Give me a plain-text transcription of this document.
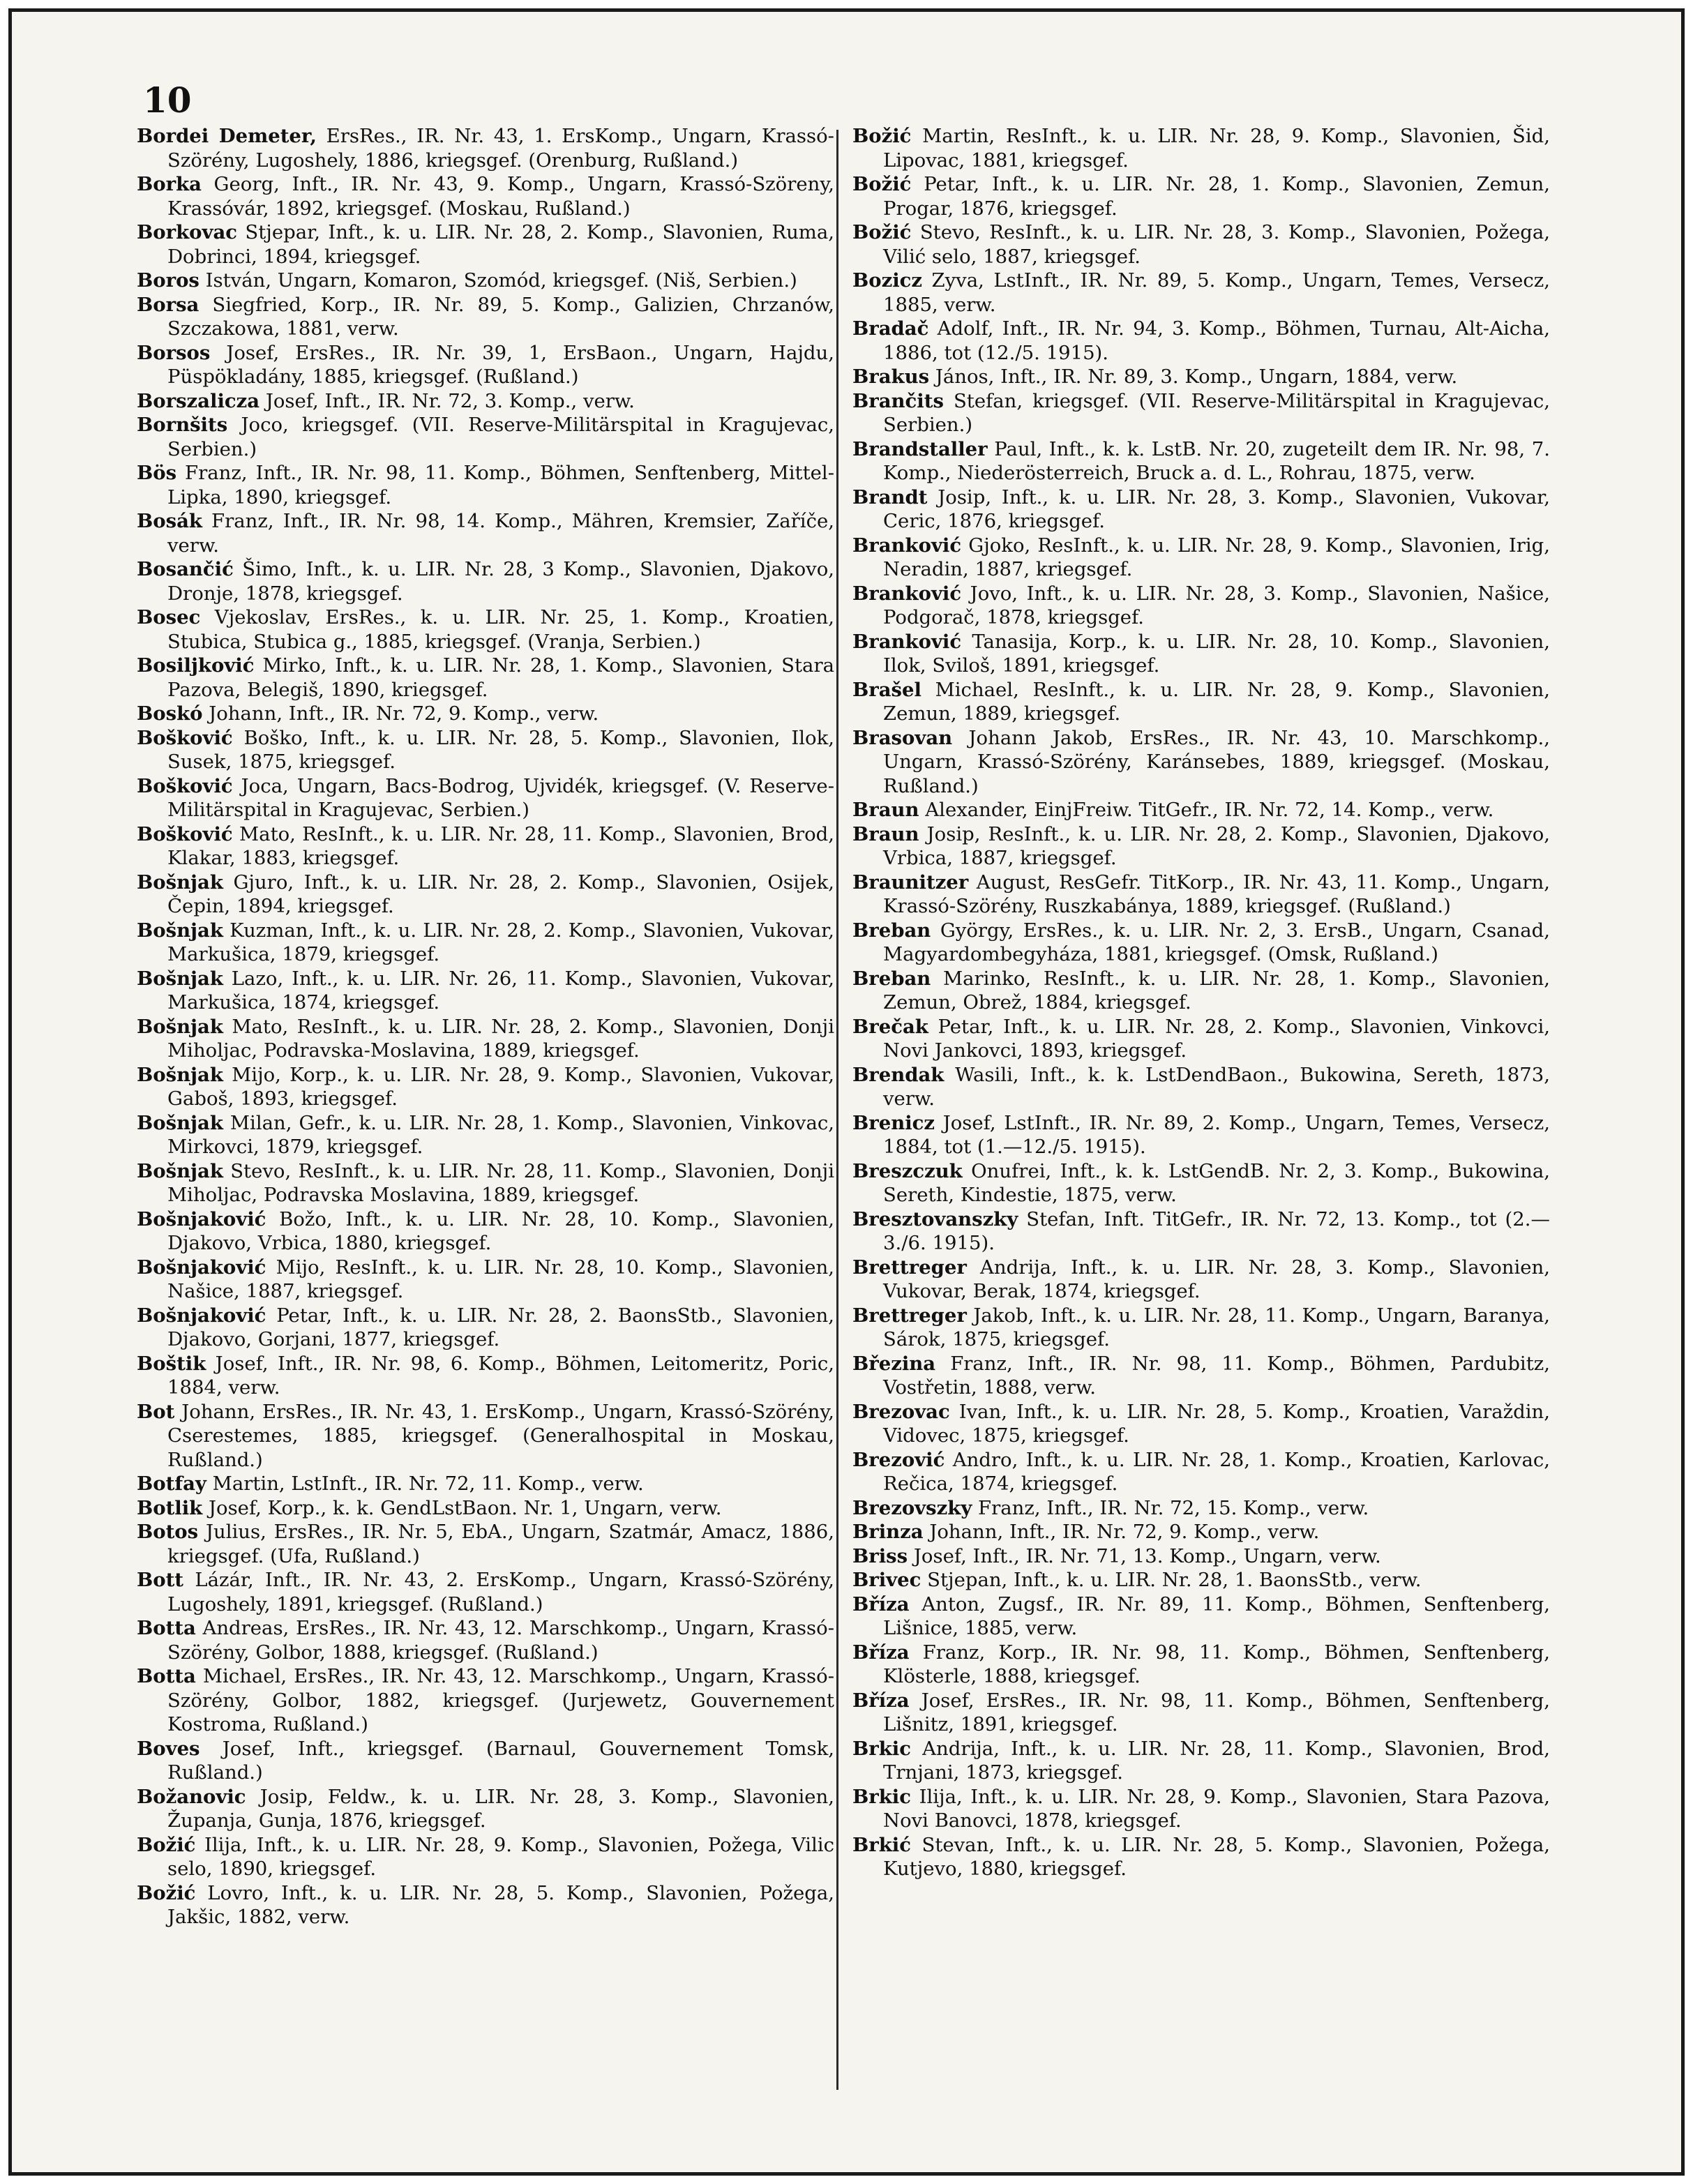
10

Bordei Demeter, ErsRes., IR. Nr. 43, 1. ErsKomp., Ungarn, Krassó-Szörény, Lugoshely, 1886, kriegsgef. (Orenburg, Rußland.)

Borka Georg, Inft., IR. Nr. 43, 9. Komp., Ungarn, Krassó-Szöreny, Krassóvár, 1892, kriegsgef. (Moskau, Rußland.)

Borkovac Stjepar, Inft., k. u. LIR. Nr. 28, 2. Komp., Slavonien, Ruma, Dobrinci, 1894, kriegsgef.

Boros István, Ungarn, Komaron, Szomód, kriegsgef. (Niš, Serbien.)

Borsa Siegfried, Korp., IR. Nr. 89, 5. Komp., Galizien, Chrzanów, Szczakowa, 1881, verw.

Borsos Josef, ErsRes., IR. Nr. 39, 1, ErsBaon., Ungarn, Hajdu, Püspökladány, 1885, kriegsgef. (Rußland.)

Borszalicza Josef, Inft., IR. Nr. 72, 3. Komp., verw.

Bornšits Joco, kriegsgef. (VII. Reserve-Militärspital in Kragujevac, Serbien.)

Bös Franz, Inft., IR. Nr. 98, 11. Komp., Böhmen, Senftenberg, Mittel-Lipka, 1890, kriegsgef.

Bosák Franz, Inft., IR. Nr. 98, 14. Komp., Mähren, Kremsier, Zaříče, verw.

Bosančić Šimo, Inft., k. u. LIR. Nr. 28, 3 Komp., Slavonien, Djakovo, Dronje, 1878, kriegsgef.

Bosec Vjekoslav, ErsRes., k. u. LIR. Nr. 25, 1. Komp., Kroatien, Stubica, Stubica g., 1885, kriegsgef. (Vranja, Serbien.)

Bosiljković Mirko, Inft., k. u. LIR. Nr. 28, 1. Komp., Slavonien, Stara Pazova, Belegiš, 1890, kriegsgef.

Boskó Johann, Inft., IR. Nr. 72, 9. Komp., verw.

Bošković Boško, Inft., k. u. LIR. Nr. 28, 5. Komp., Slavonien, Ilok, Susek, 1875, kriegsgef.

Bošković Joca, Ungarn, Bacs-Bodrog, Ujvidék, kriegsgef. (V. Reserve-Militärspital in Kragujevac, Serbien.)

Bošković Mato, ResInft., k. u. LIR. Nr. 28, 11. Komp., Slavonien, Brod, Klakar, 1883, kriegsgef.

Bošnjak Gjuro, Inft., k. u. LIR. Nr. 28, 2. Komp., Slavonien, Osijek, Čepin, 1894, kriegsgef.

Bošnjak Kuzman, Inft., k. u. LIR. Nr. 28, 2. Komp., Slavonien, Vukovar, Markušica, 1879, kriegsgef.

Bošnjak Lazo, Inft., k. u. LIR. Nr. 26, 11. Komp., Slavonien, Vukovar, Markušica, 1874, kriegsgef.

Bošnjak Mato, ResInft., k. u. LIR. Nr. 28, 2. Komp., Slavonien, Donji Miholjac, Podravska-Moslavina, 1889, kriegsgef.

Bošnjak Mijo, Korp., k. u. LIR. Nr. 28, 9. Komp., Slavonien, Vukovar, Gaboš, 1893, kriegsgef.

Bošnjak Milan, Gefr., k. u. LIR. Nr. 28, 1. Komp., Slavonien, Vinkovac, Mirkovci, 1879, kriegsgef.

Bošnjak Stevo, ResInft., k. u. LIR. Nr. 28, 11. Komp., Slavonien, Donji Miholjac, Podravska Moslavina, 1889, kriegsgef.

Bošnjaković Božo, Inft., k. u. LIR. Nr. 28, 10. Komp., Slavonien, Djakovo, Vrbica, 1880, kriegsgef.

Bošnjaković Mijo, ResInft., k. u. LIR. Nr. 28, 10. Komp., Slavonien, Našice, 1887, kriegsgef.

Bošnjaković Petar, Inft., k. u. LIR. Nr. 28, 2. BaonsStb., Slavonien, Djakovo, Gorjani, 1877, kriegsgef.

Boštik Josef, Inft., IR. Nr. 98, 6. Komp., Böhmen, Leitomeritz, Poric, 1884, verw.

Bot Johann, ErsRes., IR. Nr. 43, 1. ErsKomp., Ungarn, Krassó-Szörény, Cserestemes, 1885, kriegsgef. (Generalhospital in Moskau, Rußland.)

Botfay Martin, LstInft., IR. Nr. 72, 11. Komp., verw.

Botlik Josef, Korp., k. k. GendLstBaon. Nr. 1, Ungarn, verw.

Botos Julius, ErsRes., IR. Nr. 5, EbA., Ungarn, Szatmár, Amacz, 1886, kriegsgef. (Ufa, Rußland.)

Bott Lázár, Inft., IR. Nr. 43, 2. ErsKomp., Ungarn, Krassó-Szörény, Lugoshely, 1891, kriegsgef. (Rußland.)

Botta Andreas, ErsRes., IR. Nr. 43, 12. Marschkomp., Ungarn, Krassó-Szörény, Golbor, 1888, kriegsgef. (Rußland.)

Botta Michael, ErsRes., IR. Nr. 43, 12. Marschkomp., Ungarn, Krassó-Szörény, Golbor, 1882, kriegsgef. (Jurjewetz, Gouvernement Kostroma, Rußland.)

Boves Josef, Inft., kriegsgef. (Barnaul, Gouvernement Tomsk, Rußland.)

Božanovic Josip, Feldw., k. u. LIR. Nr. 28, 3. Komp., Slavonien, Županja, Gunja, 1876, kriegsgef.

Božić Ilija, Inft., k. u. LIR. Nr. 28, 9. Komp., Slavonien, Požega, Vilic selo, 1890, kriegsgef.

Božić Lovro, Inft., k. u. LIR. Nr. 28, 5. Komp., Slavonien, Požega, Jakšic, 1882, verw.

Božić Martin, ResInft., k. u. LIR. Nr. 28, 9. Komp., Slavonien, Šid, Lipovac, 1881, kriegsgef.

Božić Petar, Inft., k. u. LIR. Nr. 28, 1. Komp., Slavonien, Zemun, Progar, 1876, kriegsgef.

Božić Stevo, ResInft., k. u. LIR. Nr. 28, 3. Komp., Slavonien, Požega, Vilić selo, 1887, kriegsgef.

Bozicz Zyva, LstInft., IR. Nr. 89, 5. Komp., Ungarn, Temes, Versecz, 1885, verw.

Bradač Adolf, Inft., IR. Nr. 94, 3. Komp., Böhmen, Turnau, Alt-Aicha, 1886, tot (12./5. 1915).

Brakus János, Inft., IR. Nr. 89, 3. Komp., Ungarn, 1884, verw.

Brančits Stefan, kriegsgef. (VII. Reserve-Militärspital in Kragujevac, Serbien.)

Brandstaller Paul, Inft., k. k. LstB. Nr. 20, zugeteilt dem IR. Nr. 98, 7. Komp., Niederösterreich, Bruck a. d. L., Rohrau, 1875, verw.

Brandt Josip, Inft., k. u. LIR. Nr. 28, 3. Komp., Slavonien, Vukovar, Ceric, 1876, kriegsgef.

Branković Gjoko, ResInft., k. u. LIR. Nr. 28, 9. Komp., Slavonien, Irig, Neradin, 1887, kriegsgef.

Branković Jovo, Inft., k. u. LIR. Nr. 28, 3. Komp., Slavonien, Našice, Podgorač, 1878, kriegsgef.

Branković Tanasija, Korp., k. u. LIR. Nr. 28, 10. Komp., Slavonien, Ilok, Sviloš, 1891, kriegsgef.

Brašel Michael, ResInft., k. u. LIR. Nr. 28, 9. Komp., Slavonien, Zemun, 1889, kriegsgef.

Brasovan Johann Jakob, ErsRes., IR. Nr. 43, 10. Marschkomp., Ungarn, Krassó-Szörény, Karánsebes, 1889, kriegsgef. (Moskau, Rußland.)

Braun Alexander, EinjFreiw. TitGefr., IR. Nr. 72, 14. Komp., verw.

Braun Josip, ResInft., k. u. LIR. Nr. 28, 2. Komp., Slavonien, Djakovo, Vrbica, 1887, kriegsgef.

Braunitzer August, ResGefr. TitKorp., IR. Nr. 43, 11. Komp., Ungarn, Krassó-Szörény, Ruszkabánya, 1889, kriegsgef. (Rußland.)

Breban György, ErsRes., k. u. LIR. Nr. 2, 3. ErsB., Ungarn, Csanad, Magyardombegyháza, 1881, kriegsgef. (Omsk, Rußland.)

Breban Marinko, ResInft., k. u. LIR. Nr. 28, 1. Komp., Slavonien, Zemun, Obrež, 1884, kriegsgef.

Brečak Petar, Inft., k. u. LIR. Nr. 28, 2. Komp., Slavonien, Vinkovci, Novi Jankovci, 1893, kriegsgef.

Brendak Wasili, Inft., k. k. LstDendBaon., Bukowina, Sereth, 1873, verw.

Brenicz Josef, LstInft., IR. Nr. 89, 2. Komp., Ungarn, Temes, Versecz, 1884, tot (1.—12./5. 1915).

Breszczuk Onufrei, Inft., k. k. LstGendB. Nr. 2, 3. Komp., Bukowina, Sereth, Kindestie, 1875, verw.

Bresztovanszky Stefan, Inft. TitGefr., IR. Nr. 72, 13. Komp., tot (2.—3./6. 1915).

Brettreger Andrija, Inft., k. u. LIR. Nr. 28, 3. Komp., Slavonien, Vukovar, Berak, 1874, kriegsgef.

Brettreger Jakob, Inft., k. u. LIR. Nr. 28, 11. Komp., Ungarn, Baranya, Sárok, 1875, kriegsgef.

Březina Franz, Inft., IR. Nr. 98, 11. Komp., Böhmen, Pardubitz, Vostřetin, 1888, verw.

Brezovac Ivan, Inft., k. u. LIR. Nr. 28, 5. Komp., Kroatien, Varaždin, Vidovec, 1875, kriegsgef.

Brezović Andro, Inft., k. u. LIR. Nr. 28, 1. Komp., Kroatien, Karlovac, Rečica, 1874, kriegsgef.

Brezovszky Franz, Inft., IR. Nr. 72, 15. Komp., verw.

Brinza Johann, Inft., IR. Nr. 72, 9. Komp., verw.

Briss Josef, Inft., IR. Nr. 71, 13. Komp., Ungarn, verw.

Brivec Stjepan, Inft., k. u. LIR. Nr. 28, 1. BaonsStb., verw.

Bříza Anton, Zugsf., IR. Nr. 89, 11. Komp., Böhmen, Senftenberg, Lišnice, 1885, verw.

Bříza Franz, Korp., IR. Nr. 98, 11. Komp., Böhmen, Senftenberg, Klösterle, 1888, kriegsgef.

Bříza Josef, ErsRes., IR. Nr. 98, 11. Komp., Böhmen, Senftenberg, Lišnitz, 1891, kriegsgef.

Brkic Andrija, Inft., k. u. LIR. Nr. 28, 11. Komp., Slavonien, Brod, Trnjani, 1873, kriegsgef.

Brkic Ilija, Inft., k. u. LIR. Nr. 28, 9. Komp., Slavonien, Stara Pazova, Novi Banovci, 1878, kriegsgef.

Brkić Stevan, Inft., k. u. LIR. Nr. 28, 5. Komp., Slavonien, Požega, Kutjevo, 1880, kriegsgef.
